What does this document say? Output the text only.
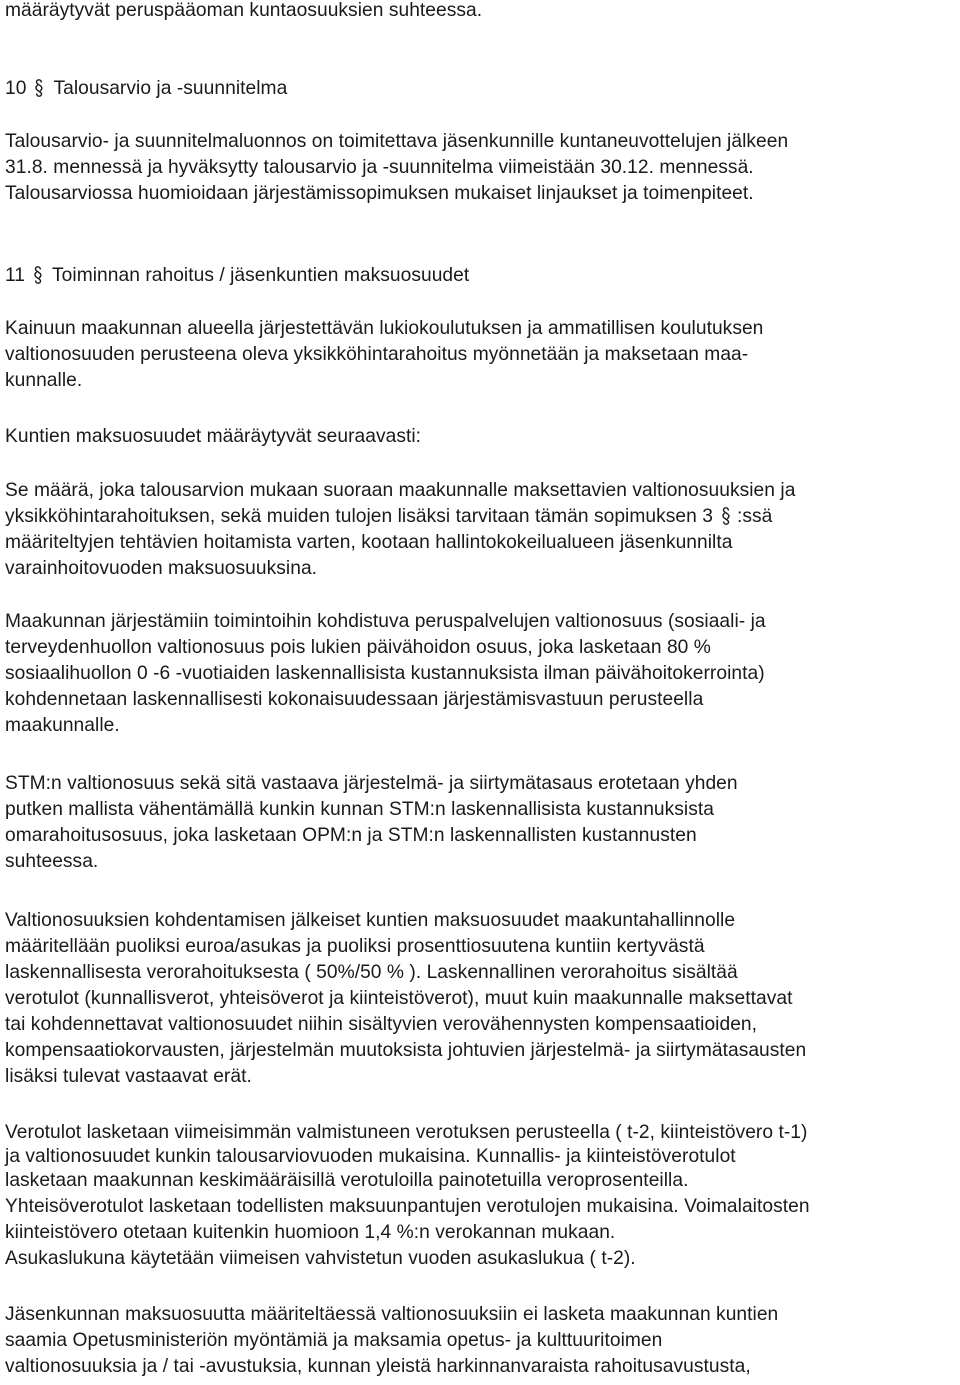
määräytyvät peruspääoman kuntaosuuksien suhteessa.

10 Talousarvio ja -suunnitelma

Talousarvio- ja suunnitelmaluonnos on toimitettava jäsenkunnille kuntaneuvottelujen jälkeen

31.8. mennessä ja hyväksytty talousarvio ja -suunnitelma viimeistään 30.12. mennessä.

Talousarviossa huomioidaan järjestämissopimuksen mukaiset linjaukset ja toimenpiteet.

11 Toiminnan rahoitus / jäsenkuntien maksuosuudet

Kainuun maakunnan alueella järjestettävän lukiokoulutuksen ja ammatillisen koulutuksen

valtionosuuden perusteena oleva yksikköhintarahoitus myönnetään ja maksetaan maa-

kunnalle.

Kuntien maksuosuudet määräytyvät seuraavasti:

Se määrä, joka talousarvion mukaan suoraan maakunnalle maksettavien valtionosuuksien ja

yksikköhintarahoituksen, sekä muiden tulojen lisäksi tarvitaan tämän sopimuksen 3 :ssä

määriteltyjen tehtävien hoitamista varten, kootaan hallintokokeilualueen jäsenkunnilta

varainhoitovuoden maksuosuuksina.

Maakunnan järjestämiin toimintoihin kohdistuva peruspalvelujen valtionosuus (sosiaali- ja

terveydenhuollon valtionosuus pois lukien päivähoidon osuus, joka lasketaan 80 %

sosiaalihuollon 0 -6 -vuotiaiden laskennallisista kustannuksista ilman päivähoitokerrointa)

kohdennetaan laskennallisesti kokonaisuudessaan järjestämisvastuun perusteella

maakunnalle.

STM:n valtionosuus sekä sitä vastaava järjestelmä- ja siirtymätasaus erotetaan yhden

putken mallista vähentämällä kunkin kunnan STM:n laskennallisista kustannuksista

omarahoitusosuus, joka lasketaan OPM:n ja STM:n laskennallisten kustannusten

suhteessa.

Valtionosuuksien kohdentamisen jälkeiset kuntien maksuosuudet maakuntahallinnolle

määritellään puoliksi euroa/asukas ja puoliksi prosenttiosuutena kuntiin kertyvästä

laskennallisesta verorahoituksesta ( 50%/50 % ). Laskennallinen verorahoitus sisältää

verotulot (kunnallisverot, yhteisöverot ja kiinteistöverot), muut kuin maakunnalle maksettavat

tai kohdennettavat valtionosuudet niihin sisältyvien verovähennysten kompensaatioiden,

kompensaatiokorvausten, järjestelmän muutoksista johtuvien järjestelmä- ja siirtymätasausten

lisäksi tulevat vastaavat erät.

Verotulot lasketaan viimeisimmän valmistuneen verotuksen perusteella ( t-2, kiinteistövero t-1)

ja valtionosuudet kunkin talousarviovuoden mukaisina. Kunnallis- ja kiinteistöverotulot

lasketaan maakunnan keskimääräisillä verotuloilla painotetuilla veroprosenteilla.

Yhteisöverotulot lasketaan todellisten maksuunpantujen verotulojen mukaisina. Voimalaitosten

kiinteistövero otetaan kuitenkin huomioon 1,4 %:n verokannan mukaan.

Asukaslukuna käytetään viimeisen vahvistetun vuoden asukaslukua ( t-2).

Jäsenkunnan maksuosuutta määriteltäessä valtionosuuksiin ei lasketa maakunnan kuntien

saamia Opetusministeriön myöntämiä ja maksamia opetus- ja kulttuuritoimen

valtionosuuksia ja / tai -avustuksia, kunnan yleistä harkinnanvaraista rahoitusavustusta,
